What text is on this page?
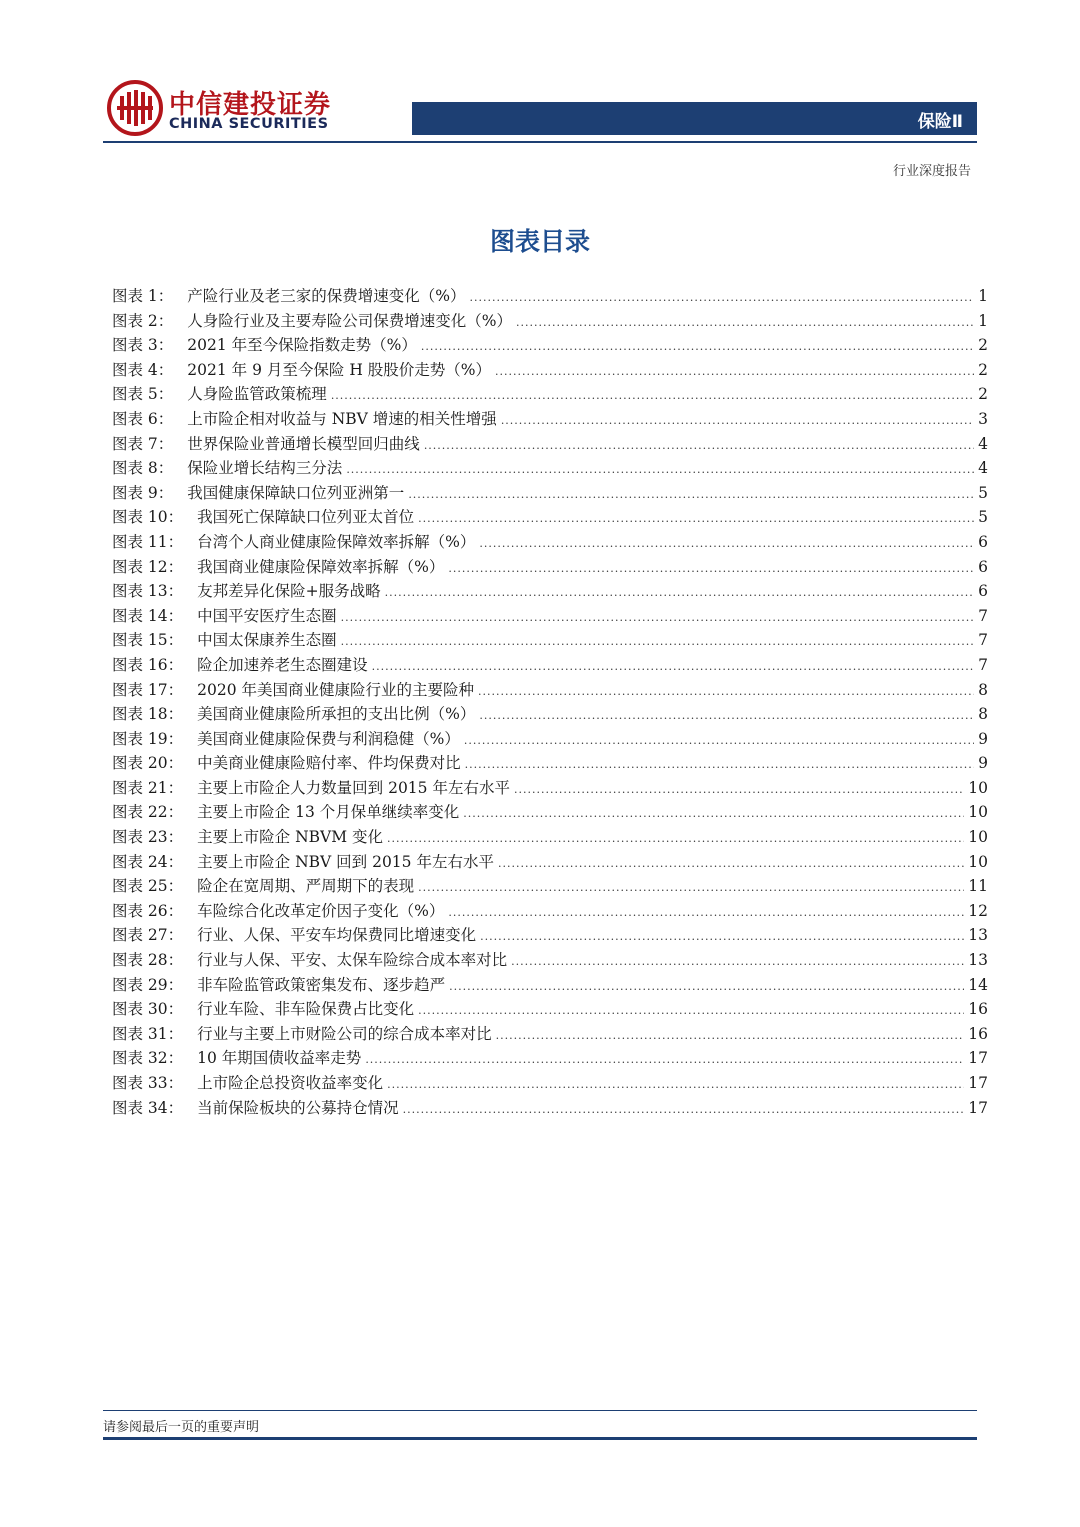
中信建投证券
CHINA SECURITIES	保险Ⅱ
行业深度报告
图表目录
图表 1： 产险行业及老三家的保费增速变化（%） .....	1
图表 2： 人身险行业及主要寿险公司保费增速变化（%） .....	1
图表 3： 2021 年至今保险指数走势（%） .....	2
图表 4： 2021 年 9 月至今保险 H 股股价走势（%） .....	2
图表 5： 人身险监管政策梳理 .....	2
图表 6： 上市险企相对收益与 NBV 增速的相关性增强 .....	3
图表 7： 世界保险业普通增长模型回归曲线 .....	4
图表 8： 保险业增长结构三分法 .....	4
图表 9： 我国健康保障缺口位列亚洲第一 .....	5
图表 10： 我国死亡保障缺口位列亚太首位 .....	5
图表 11： 台湾个人商业健康险保障效率拆解（%） .....	6
图表 12： 我国商业健康险保障效率拆解（%） .....	6
图表 13： 友邦差异化保险+服务战略 .....	6
图表 14： 中国平安医疗生态圈 .....	7
图表 15： 中国太保康养生态圈 .....	7
图表 16： 险企加速养老生态圈建设 .....	7
图表 17： 2020 年美国商业健康险行业的主要险种 .....	8
图表 18： 美国商业健康险所承担的支出比例（%） .....	8
图表 19： 美国商业健康险保费与利润稳健（%） .....	9
图表 20： 中美商业健康险赔付率、件均保费对比 .....	9
图表 21： 主要上市险企人力数量回到 2015 年左右水平 .....	10
图表 22： 主要上市险企 13 个月保单继续率变化 .....	10
图表 23： 主要上市险企 NBVM 变化 .....	10
图表 24： 主要上市险企 NBV 回到 2015 年左右水平 .....	10
图表 25： 险企在宽周期、严周期下的表现 .....	11
图表 26： 车险综合化改革定价因子变化（%） .....	12
图表 27： 行业、人保、平安车均保费同比增速变化 .....	13
图表 28： 行业与人保、平安、太保车险综合成本率对比 .....	13
图表 29： 非车险监管政策密集发布、逐步趋严 .....	14
图表 30： 行业车险、非车险保费占比变化 .....	16
图表 31： 行业与主要上市财险公司的综合成本率对比 .....	16
图表 32： 10 年期国债收益率走势 .....	17
图表 33： 上市险企总投资收益率变化 .....	17
图表 34： 当前保险板块的公募持仓情况 .....	17
请参阅最后一页的重要声明
